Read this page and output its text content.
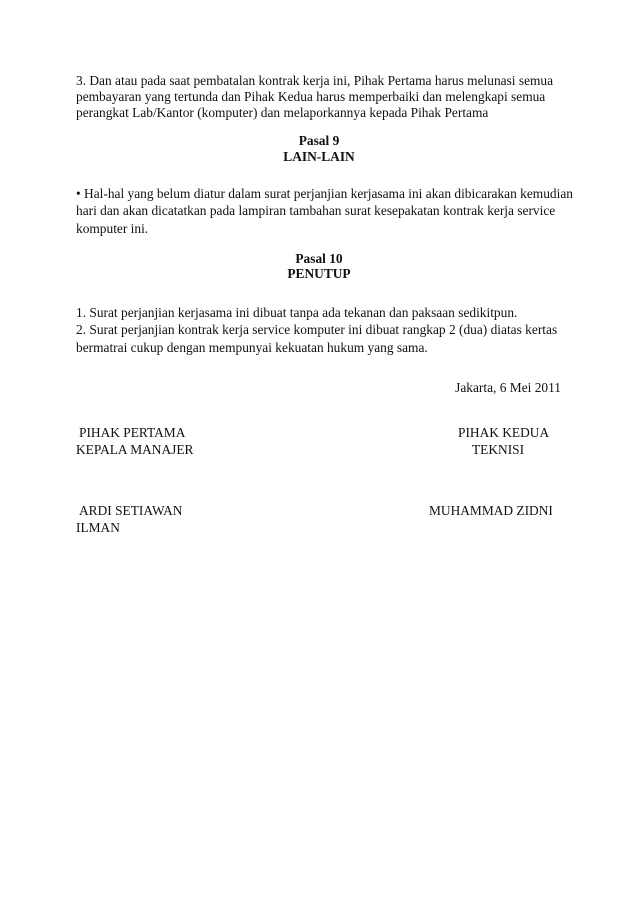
3. Dan atau pada saat pembatalan kontrak kerja ini, Pihak Pertama harus melunasi semua
pembayaran yang tertunda dan Pihak Kedua harus memperbaiki dan melengkapi semua
perangkat Lab/Kantor (komputer) dan melaporkannya kepada Pihak Pertama
Pasal 9
LAIN-LAIN
• Hal-hal yang belum diatur dalam surat perjanjian kerjasama ini akan dibicarakan kemudian
hari dan akan dicatatkan pada lampiran tambahan surat kesepakatan kontrak kerja service
komputer ini.
Pasal 10
PENUTUP
1. Surat perjanjian kerjasama ini dibuat tanpa ada tekanan dan paksaan sedikitpun.
2. Surat perjanjian kontrak kerja service komputer ini dibuat rangkap 2 (dua) diatas kertas
bermatrai cukup dengan mempunyai kekuatan hukum yang sama.
Jakarta, 6 Mei 2011
PIHAK PERTAMA
KEPALA MANAJER
PIHAK KEDUA
TEKNISI
ARDI SETIAWAN	MUHAMMAD ZIDNI
ILMAN
